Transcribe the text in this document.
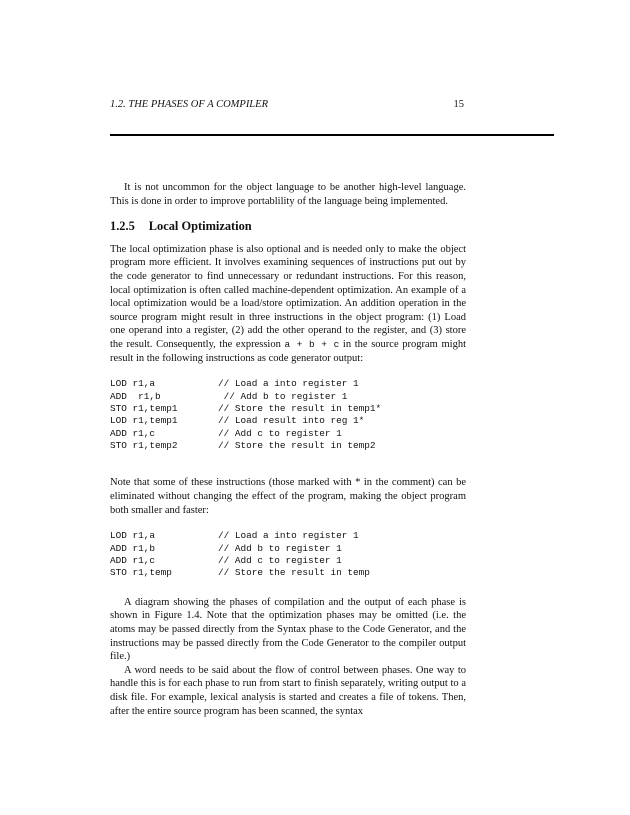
1.2. THE PHASES OF A COMPILER	15

It is not uncommon for the object language to be another high-level language. This is done in order to improve portablility of the language being implemented.

1.2.5 Local Optimization

The local optimization phase is also optional and is needed only to make the object program more efficient. It involves examining sequences of instructions put out by the code generator to find unnecessary or redundant instructions. For this reason, local optimization is often called machine-dependent optimization. An example of a local optimization would be a load/store optimization. An addition operation in the source program might result in three instructions in the object program: (1) Load one operand into a register, (2) add the other operand to the register, and (3) store the result. Consequently, the expression a + b + c in the source program might result in the following instructions as code generator output:

LOD r1,a	// Load a into register 1
ADD  r1,b	// Add b to register 1
STO r1,temp1	// Store the result in temp1*
LOD r1,temp1	// Load result into reg 1*
ADD r1,c	// Add c to register 1
STO r1,temp2	// Store the result in temp2

Note that some of these instructions (those marked with * in the comment) can be eliminated without changing the effect of the program, making the object program both smaller and faster:

LOD r1,a	// Load a into register 1
ADD r1,b	// Add b to register 1
ADD r1,c	// Add c to register 1
STO r1,temp	// Store the result in temp

A diagram showing the phases of compilation and the output of each phase is shown in Figure 1.4. Note that the optimization phases may be omitted (i.e. the atoms may be passed directly from the Syntax phase to the Code Generator, and the instructions may be passed directly from the Code Generator to the compiler output file.)

A word needs to be said about the flow of control between phases. One way to handle this is for each phase to run from start to finish separately, writing output to a disk file. For example, lexical analysis is started and creates a file of tokens. Then, after the entire source program has been scanned, the syntax
